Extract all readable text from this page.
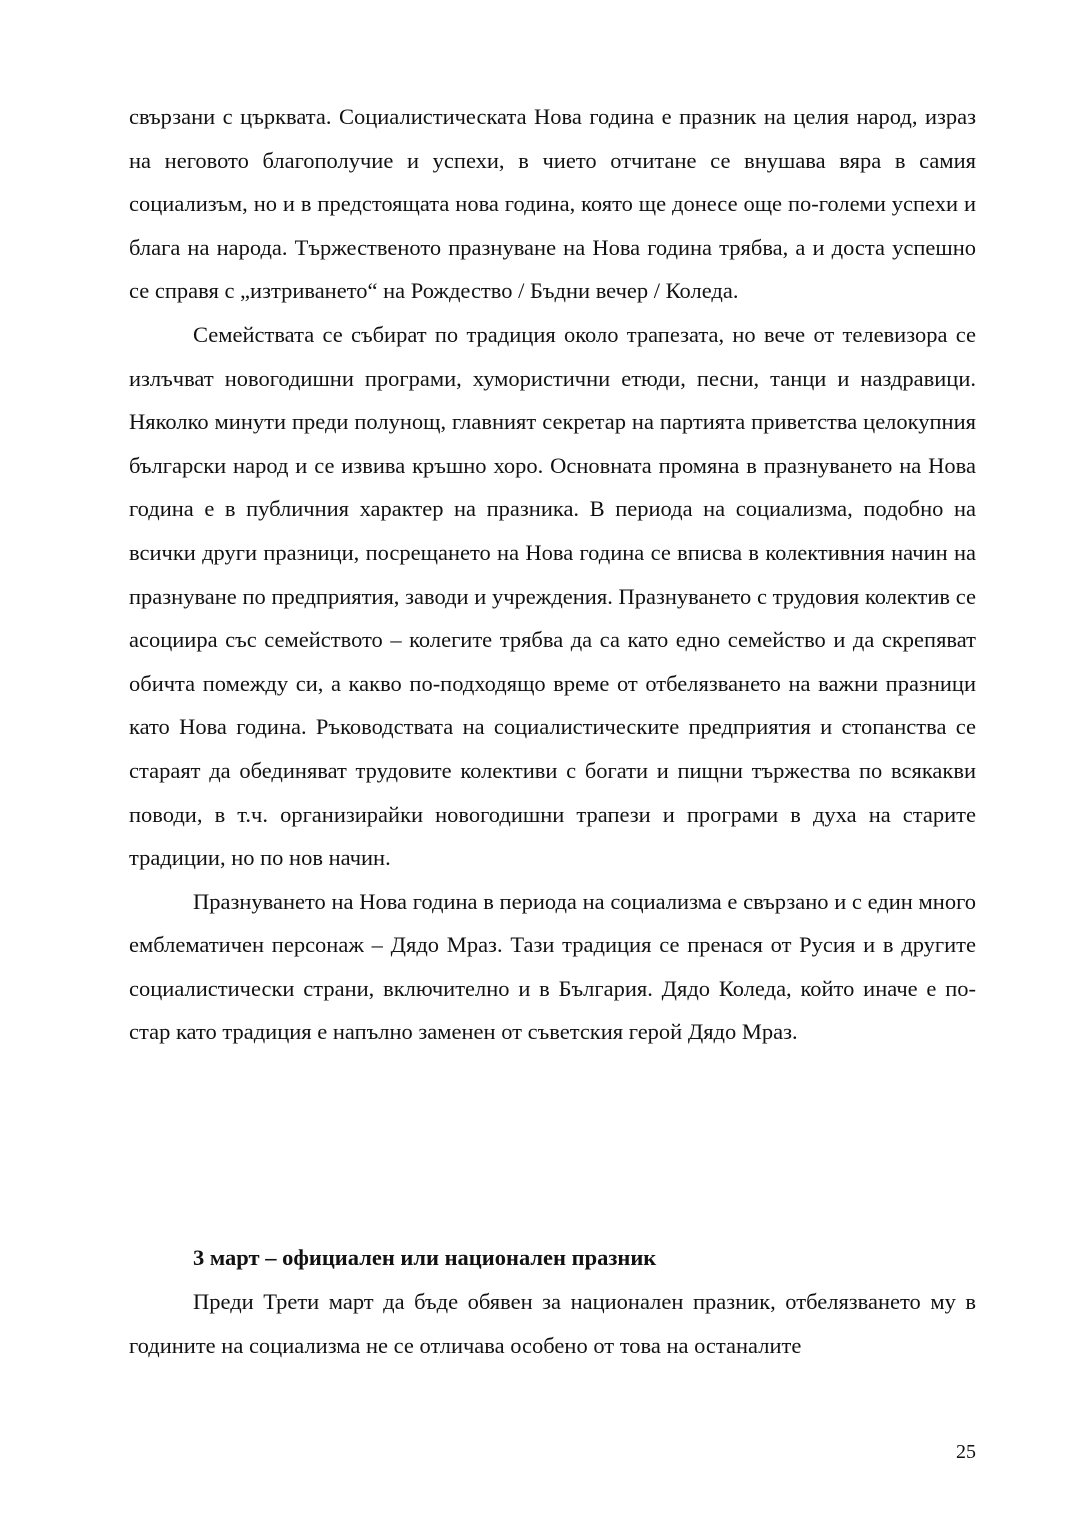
свързани с църквата. Социалистическата Нова година е празник на целия народ, израз на неговото благополучие и успехи, в чието отчитане се внушава вяра в самия социализъм, но и в предстоящата нова година, която ще донесе още по-големи успехи и блага на народа. Тържественото празнуване на Нова година трябва, а и доста успешно се справя с „изтриването“ на Рождество / Бъдни вечер / Коледа.

Семействата се събират по традиция около трапезата, но вече от телевизора се излъчват новогодишни програми, хумористични етюди, песни, танци и наздравици. Няколко минути преди полунощ, главният секретар на партията приветства целокупния български народ и се извива кръшно хоро. Основната промяна в празнуването на Нова година е в публичния характер на празника. В периода на социализма, подобно на всички други празници, посрещането на Нова година се вписва в колективния начин на празнуване по предприятия, заводи и учреждения. Празнуването с трудовия колектив се асоциира със семейството – колегите трябва да са като едно семейство и да скрепяват обичта помежду си, а какво по-подходящо време от отбелязването на важни празници като Нова година. Ръководствата на социалистическите предприятия и стопанства се стараят да обединяват трудовите колективи с богати и пищни тържества по всякакви поводи, в т.ч. организирайки новогодишни трапези и програми в духа на старите традиции, но по нов начин.

Празнуването на Нова година в периода на социализма е свързано и с един много емблематичен персонаж – Дядо Мраз. Тази традиция се пренася от Русия и в другите социалистически страни, включително и в България. Дядо Коледа, който иначе е по-стар като традиция е напълно заменен от съветския герой Дядо Мраз.

3 март – официален или национален празник

Преди Трети март да бъде обявен за национален празник, отбелязването му в годините на социализма не се отличава особено от това на останалите

25
